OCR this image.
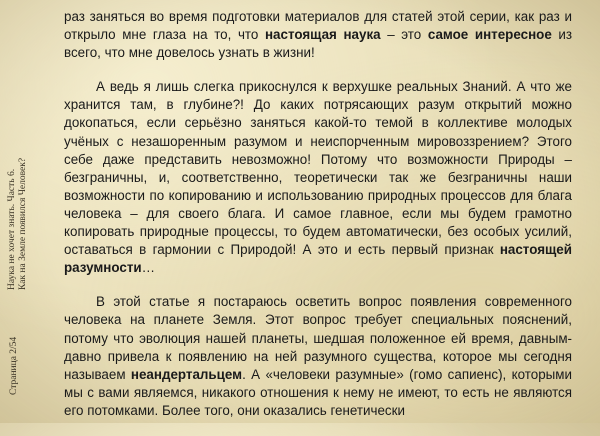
Наука не хочет знать. Часть 6. Как на Земле появился Человек?
Страница 2/54

раз заняться во время подготовки материалов для статей этой серии, как раз и открыло мне глаза на то, что настоящая наука – это самое интересное из всего, что мне довелось узнать в жизни!

А ведь я лишь слегка прикоснулся к верхушке реальных Знаний. А что же хранится там, в глубине?! До каких потрясающих разум открытий можно докопаться, если серьёзно заняться какой-то темой в коллективе молодых учёных с незашоренным разумом и неиспорченным мировоззрением? Этого себе даже представить невозможно! Потому что возможности Природы – безграничны, и, соответственно, теоретически так же безграничны наши возможности по копированию и использованию природных процессов для блага человека – для своего блага. И самое главное, если мы будем грамотно копировать природные процессы, то будем автоматически, без особых усилий, оставаться в гармонии с Природой! А это и есть первый признак настоящей разумности…

В этой статье я постараюсь осветить вопрос появления современного человека на планете Земля. Этот вопрос требует специальных пояснений, потому что эволюция нашей планеты, шедшая положенное ей время, давным-давно привела к появлению на ней разумного существа, которое мы сегодня называем неандертальцем. А «человеки разумные» (гомо сапиенс), которыми мы с вами являемся, никакого отношения к нему не имеют, то есть не являются его потомками. Более того, они оказались генетически
